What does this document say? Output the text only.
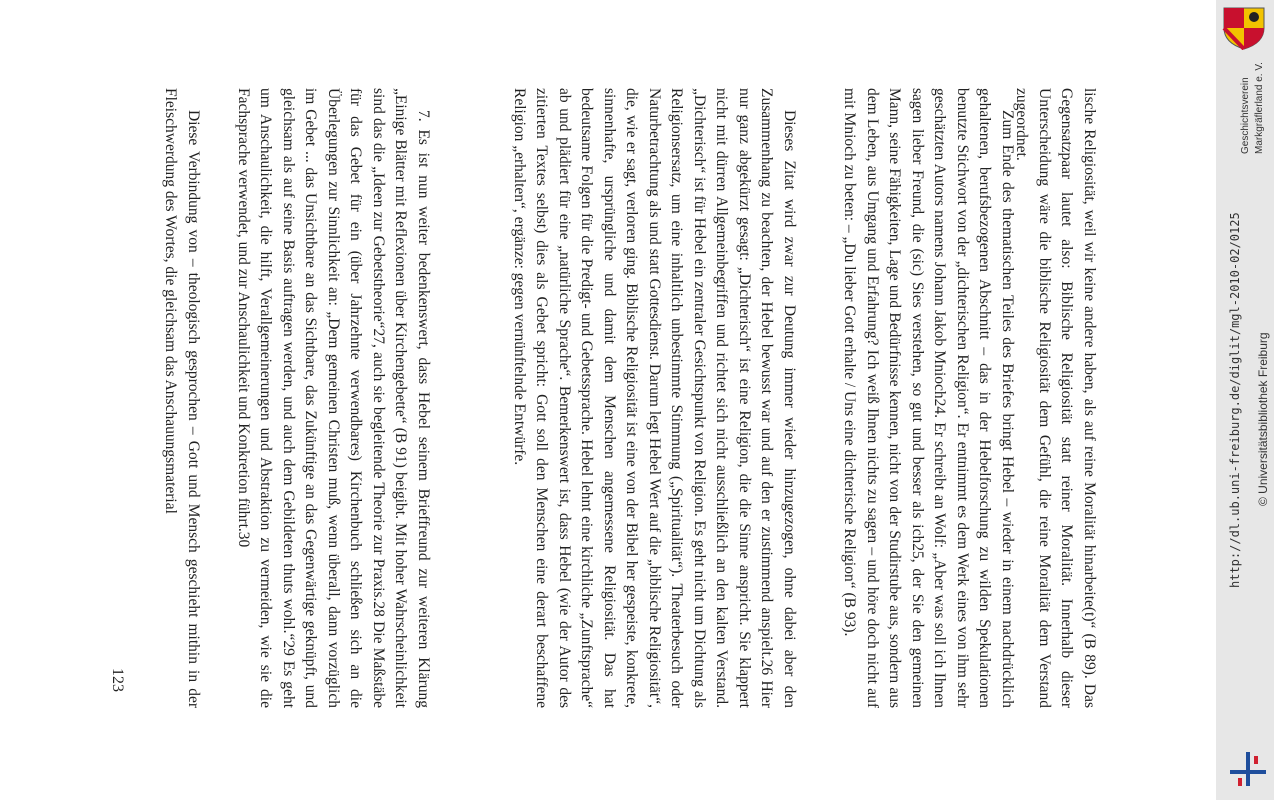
lische Religiosität, weil wir keine andere haben, als auf reine Moralität hinarbeite(t)“ (B 89). Das Gegensatzpaar lautet also: Biblische Religiosität statt reiner Moralität. Innerhalb dieser Unterscheidung wäre die biblische Religiosität dem Gefühl, die reine Moralität dem Verstand zugeordnet.

Zum Ende des thematischen Teiles des Briefes bringt Hebel – wieder in einem nachdrücklich gehaltenen, berufsbezogenen Abschnitt – das in der Hebelforschung zu wilden Spekulationen benutzte Stichwort von der „dichterischen Religion“. Er entnimmt es dem Werk eines von ihm sehr geschätzten Autors namens Johann Jakob Mnioch24. Er schreibt an Wolf: „Aber was soll ich Ihnen sagen lieber Freund, die (sic) Sies verstehen, so gut und besser als ich25, der Sie den gemeinen Mann, seine Fähigkeiten, Lage und Bedürfnisse kennen, nicht von der Studirstube aus, sondern aus dem Leben, aus Umgang und Erfahrung? Ich weiß Ihnen nichts zu sagen – und höre doch nicht auf mit Mnioch zu beten: – „Du lieber Gott erhalte / Uns eine dichterische Religion“ (B 93).

Dieses Zitat wird zwar zur Deutung immer wieder hinzugezogen, ohne dabei aber den Zusammenhang zu beachten, der Hebel bewusst war und auf den er zustimmend anspielt.26 Hier nur ganz abgekürzt gesagt: „Dichterisch“ ist eine Religion, die die Sinne anspricht. Sie klappert nicht mit dürren Allgemeinbegriffen und richtet sich nicht ausschließlich an den kalten Verstand. „Dichterisch“ ist für Hebel ein zentraler Gesichtspunkt von Religion. Es geht nicht um Dichtung als Religionsersatz, um eine inhaltlich unbestimmte Stimmung („Spiritualität“). Theaterbesuch oder Naturbetrachtung als und statt Gottesdienst. Darum legt Hebel Wert auf die „biblische Religiosität“, die, wie er sagt, verloren ging. Biblische Religiosität ist eine von der Bibel her gespeiste, konkrete, sinnenhafte, ursprüngliche und damit dem Menschen angemessene Religiosität. Das hat bedeutsame Folgen für die Predigt- und Gebetssprache. Hebel lehnt eine kirchliche „Zunftsprache“ ab und plädiert für eine „natürliche Sprache“. Bemerkenswert ist, dass Hebel (wie der Autor des zitierten Textes selbst) dies als Gebet spricht: Gott soll den Menschen eine derart beschaffene Religion „erhalten“, ergänze: gegen vernünftelnde Entwürfe.

7. Es ist nun weiter bedenkenswert, dass Hebel seinem Brieffreund zur weiteren Klärung „Einige Blätter mit Reflexionen über Kirchengebette“ (B 91) beigibt. Mit hoher Wahrscheinlichkeit sind das die „Ideen zur Gebetstheorie“27, auch sie begleitende Theorie zur Praxis.28 Die Maßstäbe für das Gebet für ein (über Jahrzehnte verwendbares) Kirchenbuch schließen sich an die Überlegungen zur Sinnlichkeit an: „Dem gemeinen Christen muß, wenn überall, dann vorzüglich im Gebet ... das Unsichtbare an das Sichtbare, das Zukünftige an das Gegenwärtige geknüpft, und gleichsam als auf seine Basis auftragen werden, und auch dem Gebildeten thuts wohl.“29 Es geht um Anschaulichkeit, die hilft, Verallgemeinerungen und Abstraktion zu vermeiden, wie sie die Fachsprache verwendet, und zur Anschaulichkeit und Konkretion führt.30

Diese Verbindung von – theologisch gesprochen – Gott und Mensch geschieht mithin in der Fleischwerdung des Wortes, die gleichsam das Anschauungsmaterial

123
Geschichtsverein Markgräflerland e. V.
http://dl.ub.uni-freiburg.de/diglit/mgl-2010-02/0125 © Universitätsbibliothek Freiburg
